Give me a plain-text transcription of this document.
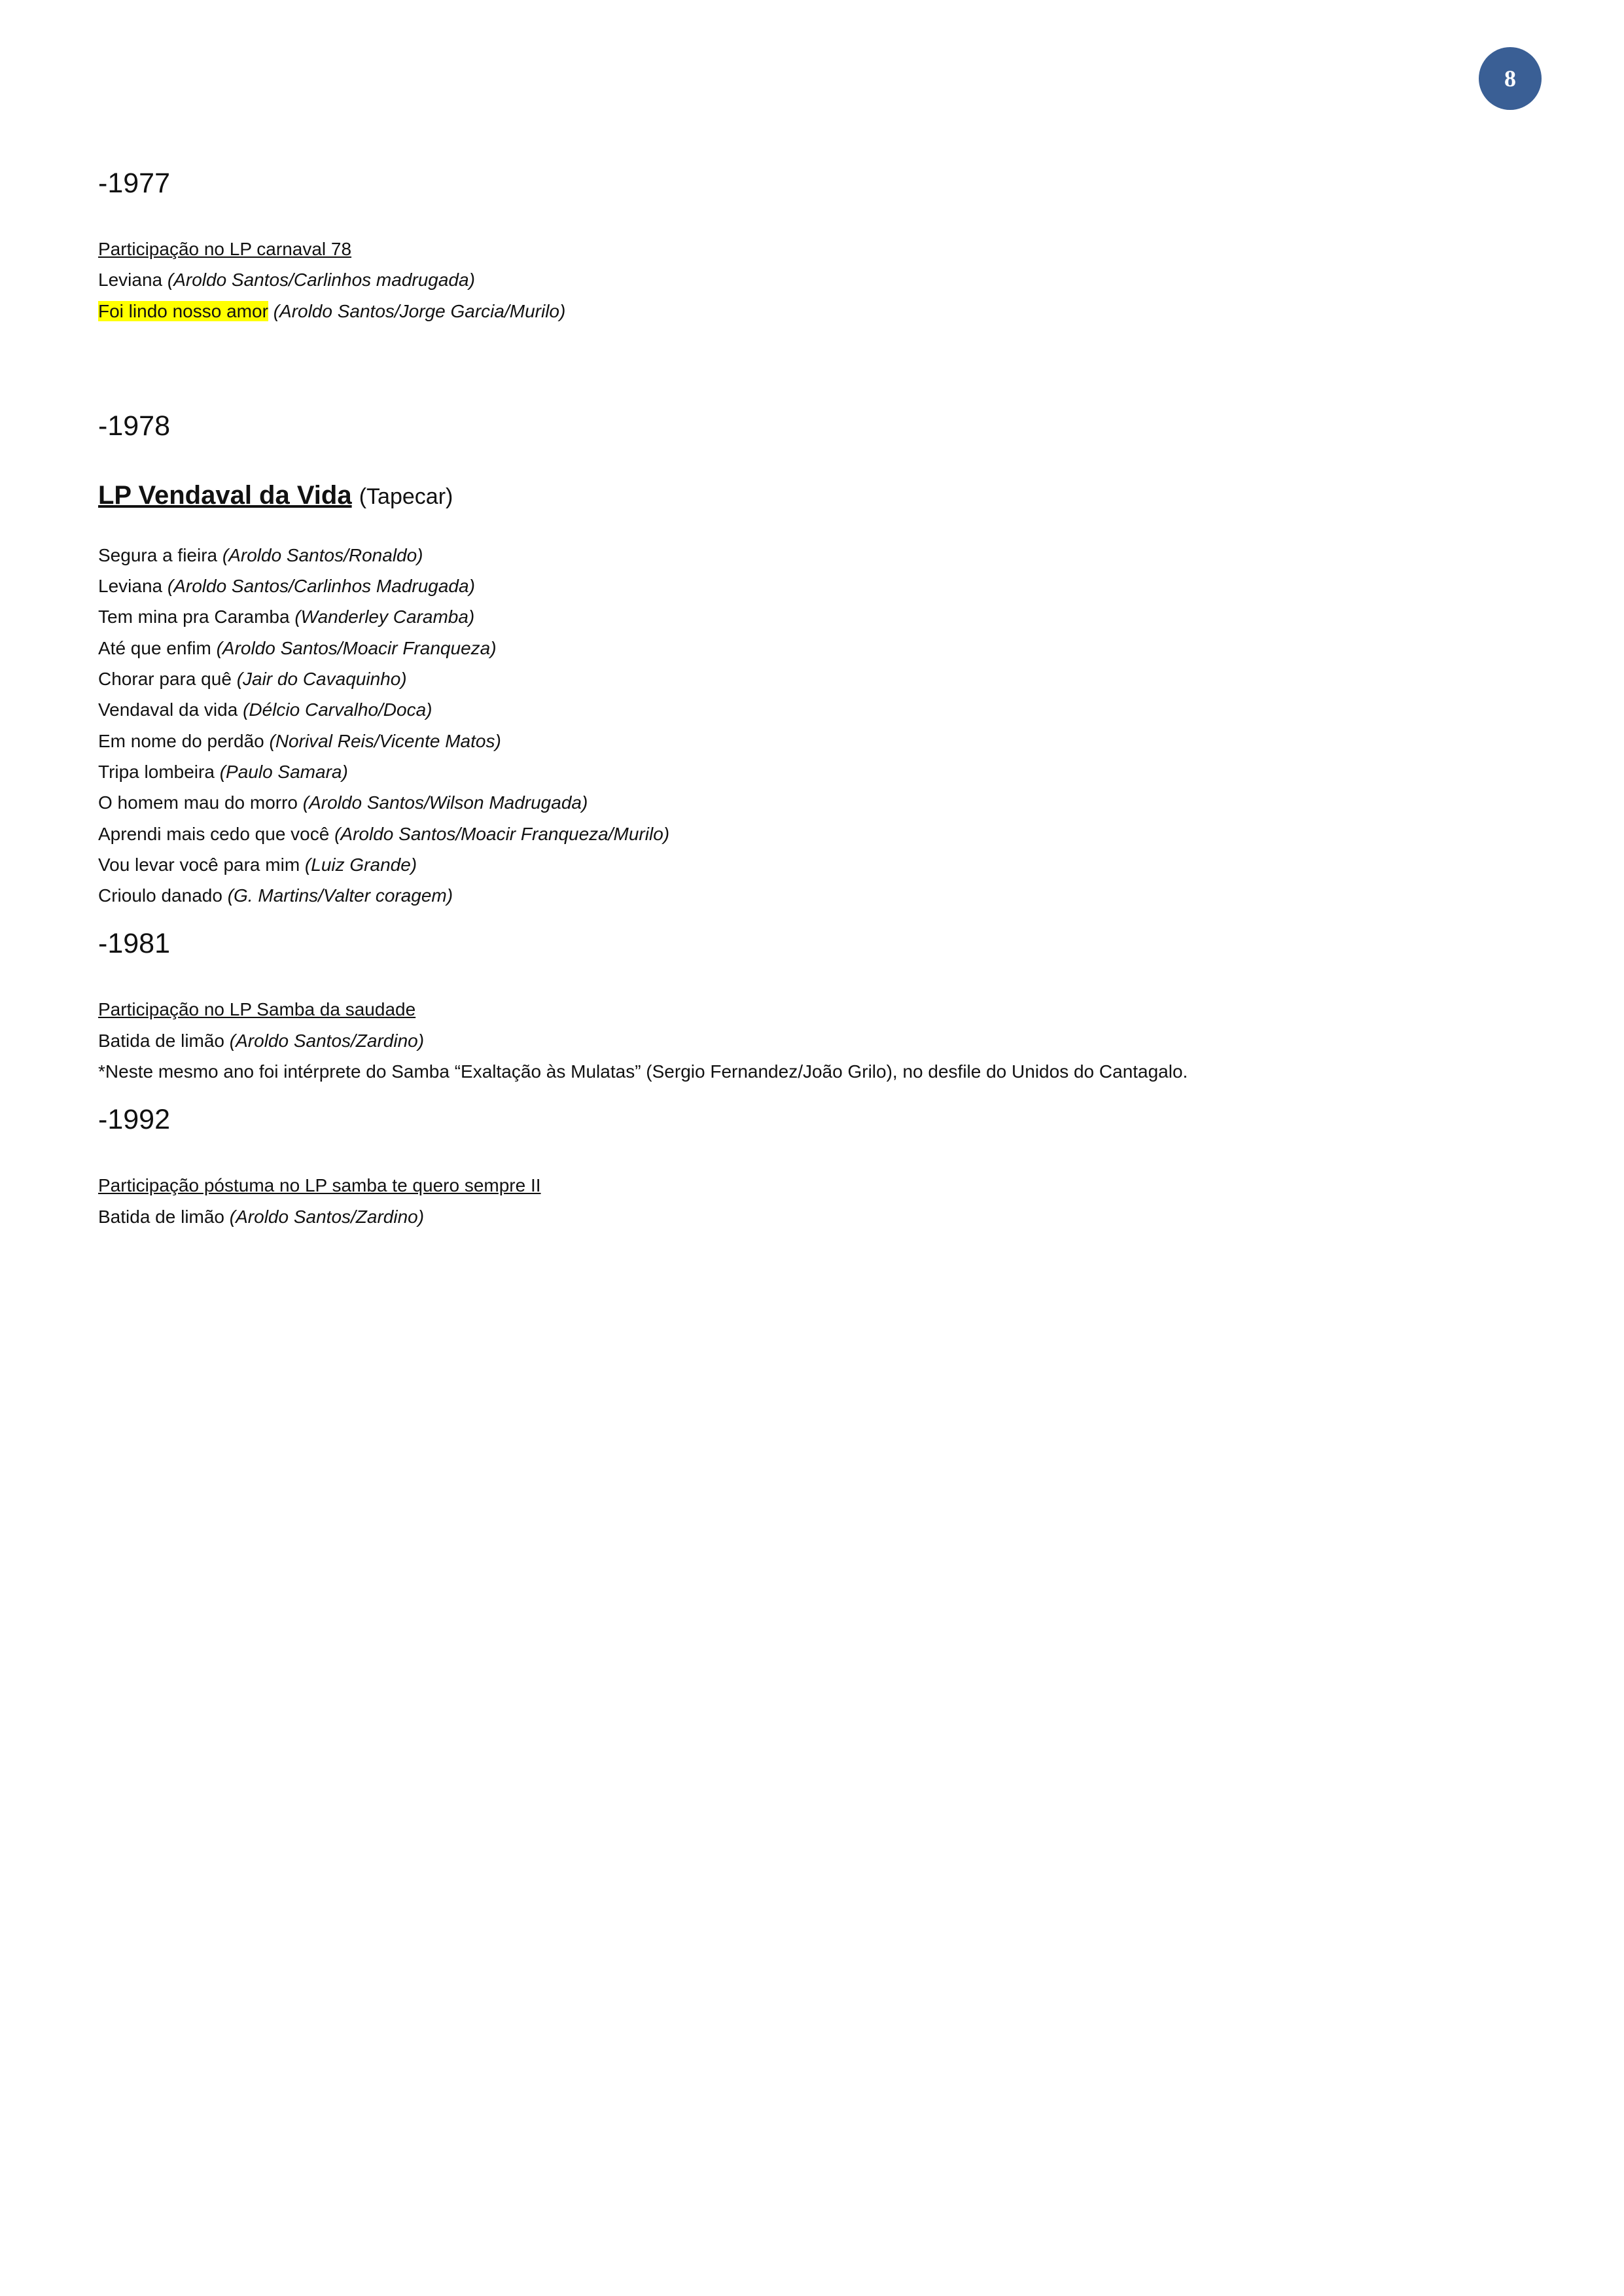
8
-1977
Participação no LP carnaval 78
Leviana (Aroldo Santos/Carlinhos madrugada)
Foi lindo nosso amor (Aroldo Santos/Jorge Garcia/Murilo)
-1978
LP Vendaval da Vida (Tapecar)
Segura a fieira (Aroldo Santos/Ronaldo)
Leviana (Aroldo Santos/Carlinhos Madrugada)
Tem mina pra Caramba (Wanderley Caramba)
Até que enfim (Aroldo Santos/Moacir Franqueza)
Chorar para quê (Jair do Cavaquinho)
Vendaval da vida (Délcio Carvalho/Doca)
Em nome do perdão (Norival Reis/Vicente Matos)
Tripa lombeira (Paulo Samara)
O homem mau do morro (Aroldo Santos/Wilson Madrugada)
Aprendi mais cedo que você (Aroldo Santos/Moacir Franqueza/Murilo)
Vou levar você para mim (Luiz Grande)
Crioulo danado (G. Martins/Valter coragem)
-1981
Participação no LP Samba da saudade
Batida de limão (Aroldo Santos/Zardino)
*Neste mesmo ano foi intérprete do Samba “Exaltação às Mulatas” (Sergio Fernandez/João Grilo), no desfile do Unidos do Cantagalo.
-1992
Participação póstuma no LP samba te quero sempre II
Batida de limão (Aroldo Santos/Zardino)
